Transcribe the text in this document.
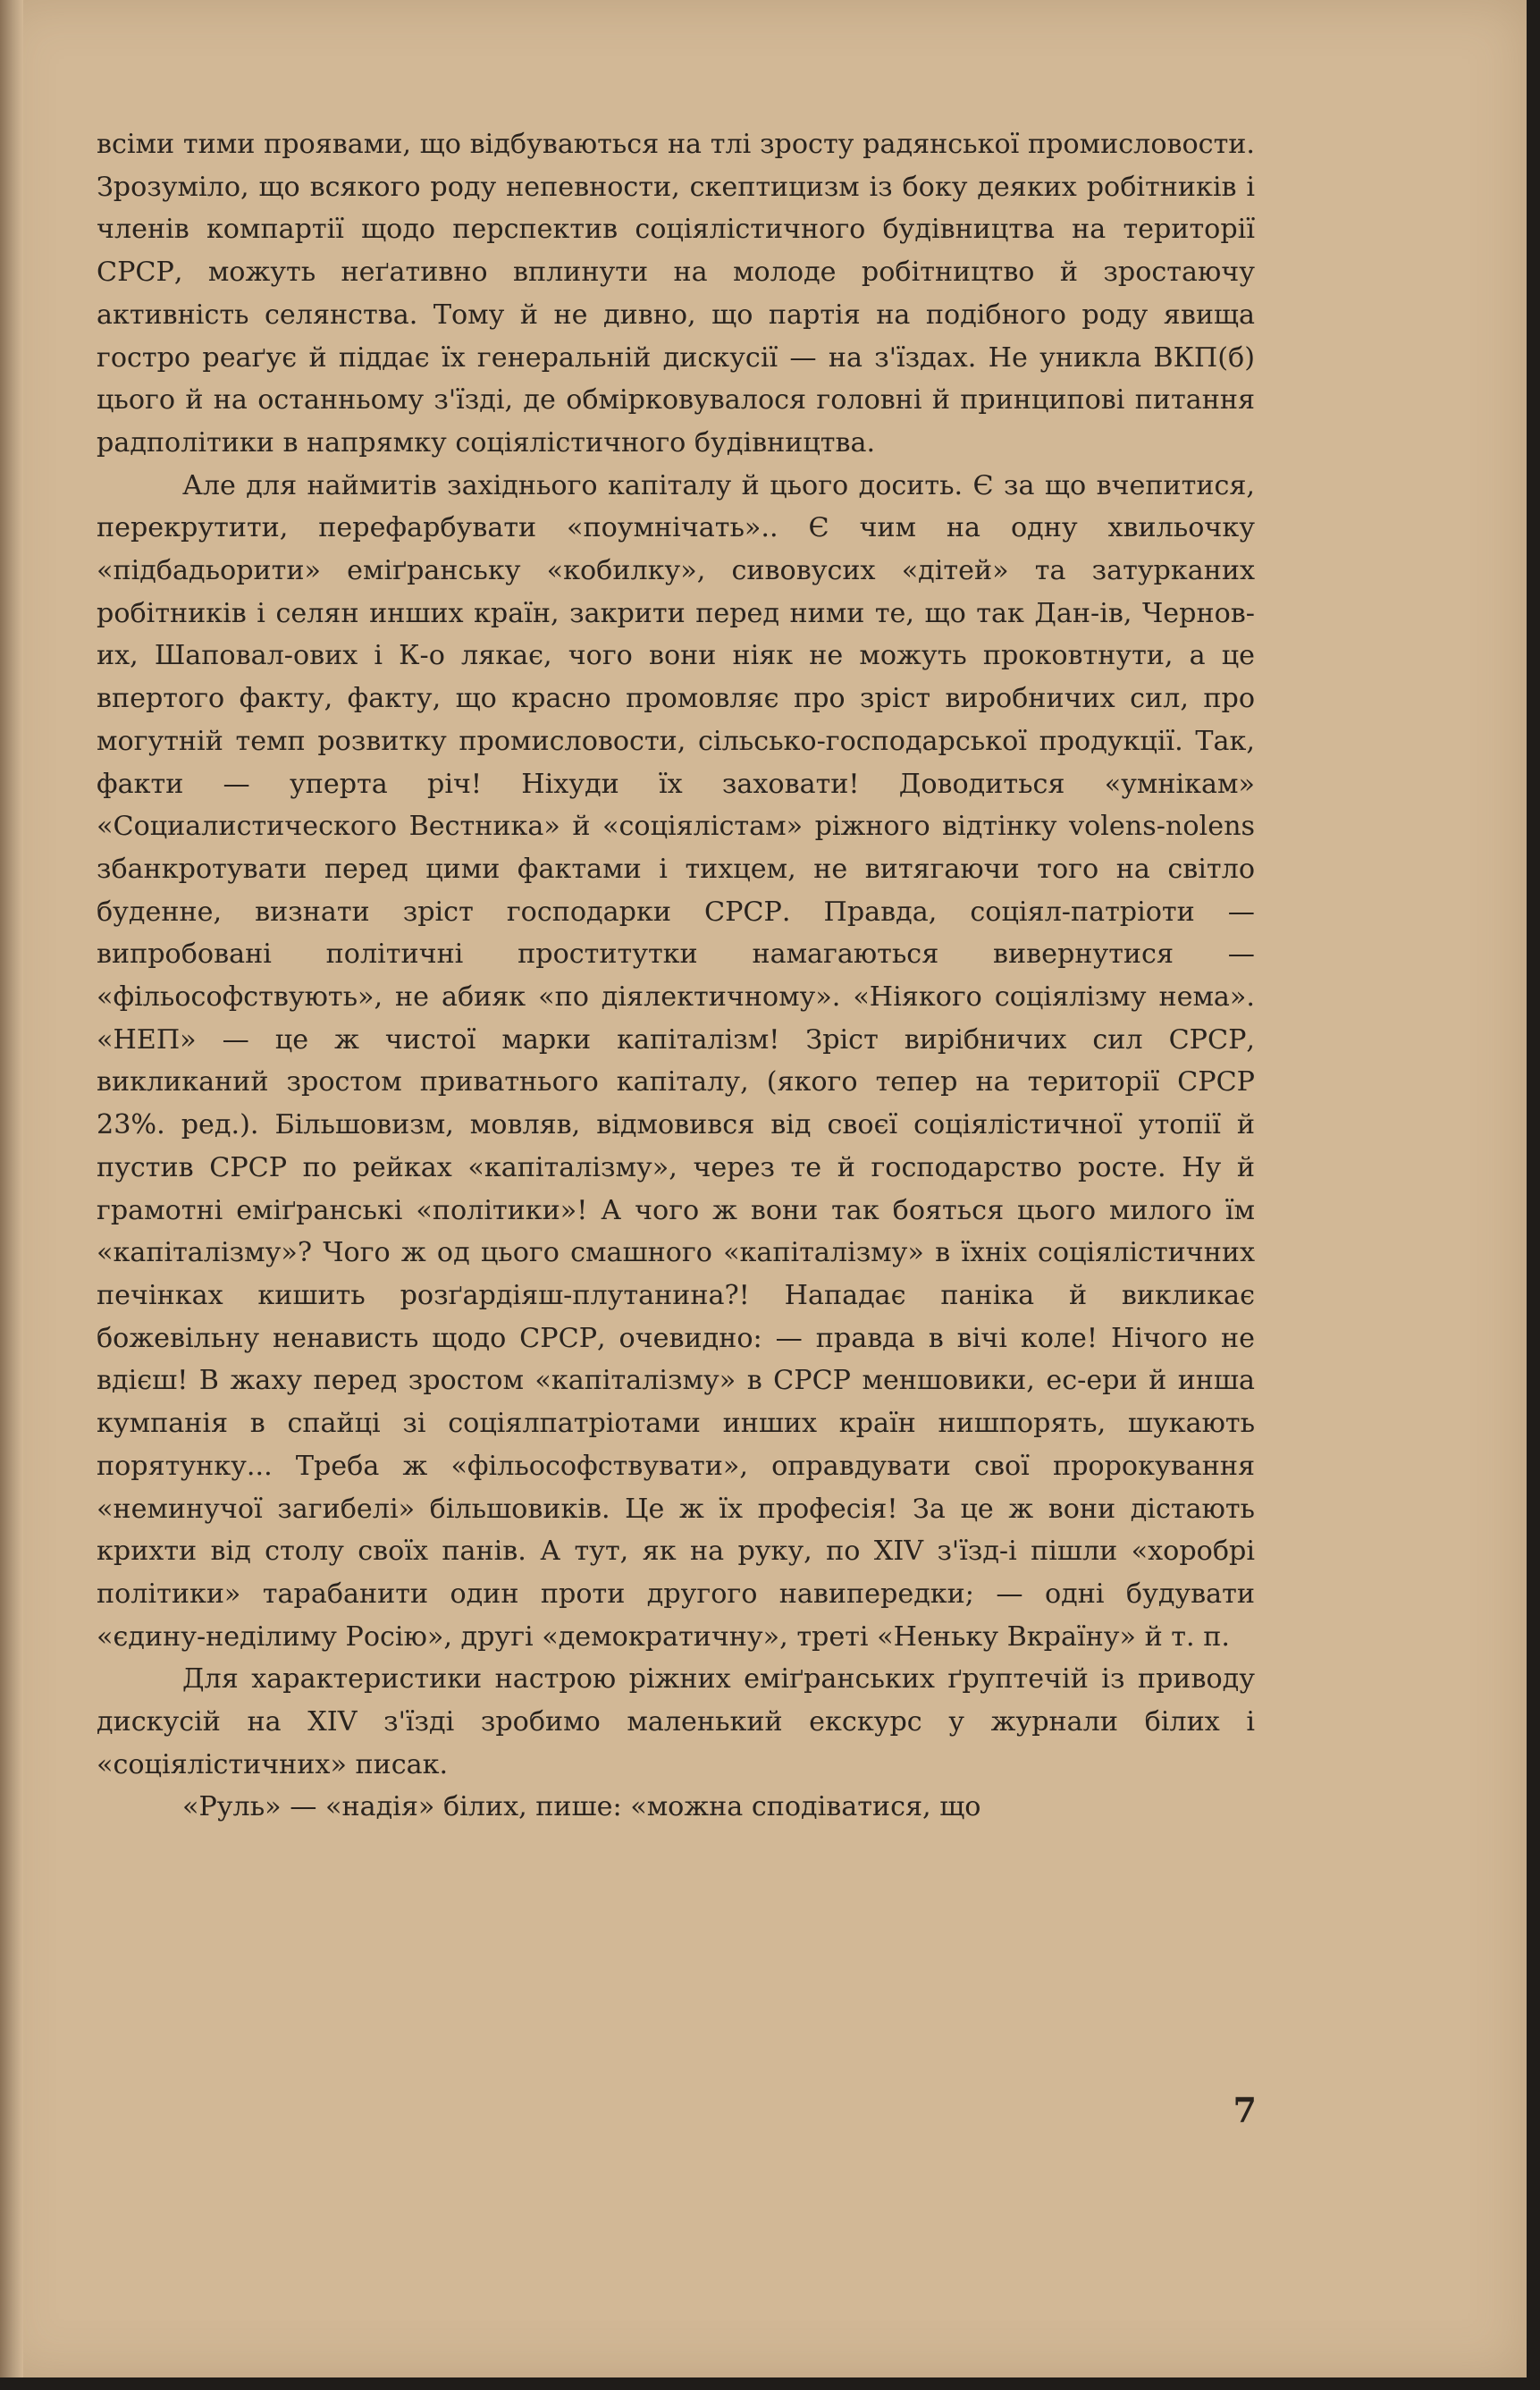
всіми тими проявами, що відбуваються на тлі зросту радянської промисловости. Зрозуміло, що всякого роду непевности, скептицизм із боку деяких робітників і членів компартії щодо перспектив соціялістичного будівництва на території СРСР, можуть неґативно вплинути на молоде робітництво й зростаючу активність селянства. Тому й не дивно, що партія на подібного роду явища гостро реаґує й піддає їх генеральній дискусії — на з'їздах. Не уникла ВКП(б) цього й на останньому з'їзді, де обмірковувалося головні й принципові питання радполітики в напрямку соціялістичного будівництва.

Але для наймитів західнього капіталу й цього досить. Є за що вчепитися, перекрутити, перефарбувати «поумнічать».. Є чим на одну хвильочку «підбадьорити» еміґранську «кобилку», сивовусих «дітей» та затурканих робітників і селян инших країн, закрити перед ними те, що так Дан-ів, Чернов-их, Шаповал-ових і К-о лякає, чого вони ніяк не можуть проковтнути, а це впертого факту, факту, що красно промовляє про зріст виробничих сил, про могутній темп розвитку промисловости, сільсько-господарської продукції. Так, факти — уперта річ! Ніхуди їх заховати! Доводиться «умнікам» «Социалистического Вестника» й «соціялістам» ріжного відтінку volens-nolens збанкротувати перед цими фактами і тихцем, не витягаючи того на світло буденне, визнати зріст господарки СРСР. Правда, соціял-патріоти — випробовані політичні проститутки намагаються вивернутися — «фільософствують», не абияк «по діялектичному». «Ніякого соціялізму нема». «НЕП» — це ж чистої марки капіталізм! Зріст вирібничих сил СРСР, викликаний зростом приватнього капіталу, (якого тепер на території СРСР 23%. ред.). Більшовизм, мовляв, відмовився від своєї соціялістичної утопії й пустив СРСР по рейках «капіталізму», через те й господарство росте. Ну й грамотні еміґранські «політики»! А чого ж вони так бояться цього милого їм «капіталізму»? Чого ж од цього смашного «капіталізму» в їхніх соціялістичних печінках кишить розґардіяш-плутанина?! Нападає паніка й викликає божевільну ненависть щодо СРСР, очевидно: — правда в вічі коле! Нічого не вдієш! В жаху перед зростом «капіталізму» в СРСР меншовики, ес-ери й инша кумпанія в спайці зі соціялпатріотами инших країн нишпорять, шукають порятунку... Треба ж «фільософствувати», оправдувати свої пророкування «неминучої загибелі» більшовиків. Це ж їх професія! За це ж вони дістають крихти від столу своїх панів. А тут, як на руку, по XIV з'їзд-і пішли «хоробрі політики» тарабанити один проти другого навипередки; — одні будувати «єдину-неділиму Росію», другі «демократичну», треті «Неньку Вкраїну» й т. п.

Для характеристики настрою ріжних еміґранських ґруптечій із приводу дискусій на XIV з'їзді зробимо маленький екскурс у журнали білих і «соціялістичних» писак.

«Руль» — «надія» білих, пише: «можна сподіватися, що

7
